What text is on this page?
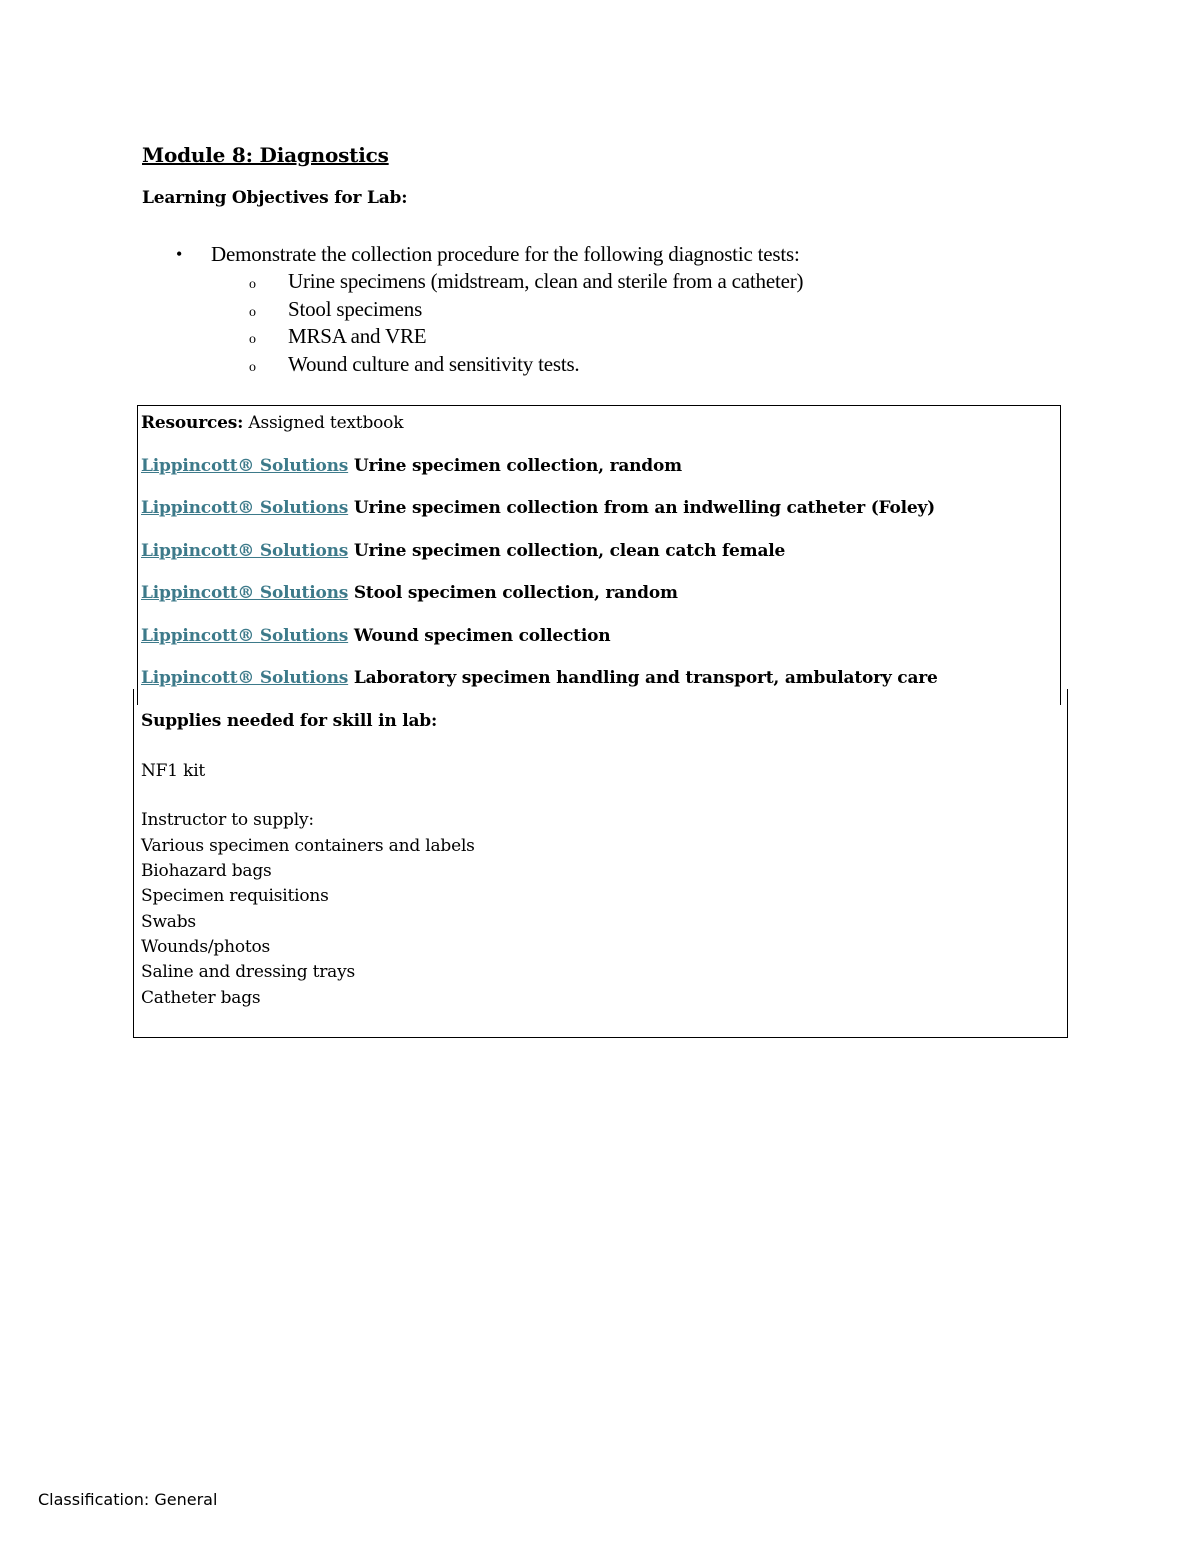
Module 8: Diagnostics
Learning Objectives for Lab:
• Demonstrate the collection procedure for the following diagnostic tests:
o Urine specimens (midstream, clean and sterile from a catheter)
o Stool specimens
o MRSA and VRE
o Wound culture and sensitivity tests.
Resources: Assigned textbook
Lippincott® Solutions Urine specimen collection, random
Lippincott® Solutions Urine specimen collection from an indwelling catheter (Foley)
Lippincott® Solutions Urine specimen collection, clean catch female
Lippincott® Solutions Stool specimen collection, random
Lippincott® Solutions Wound specimen collection
Lippincott® Solutions Laboratory specimen handling and transport, ambulatory care
Supplies needed for skill in lab:
NF1 kit
Instructor to supply:
Various specimen containers and labels
Biohazard bags
Specimen requisitions
Swabs
Wounds/photos
Saline and dressing trays
Catheter bags
Classification: General
